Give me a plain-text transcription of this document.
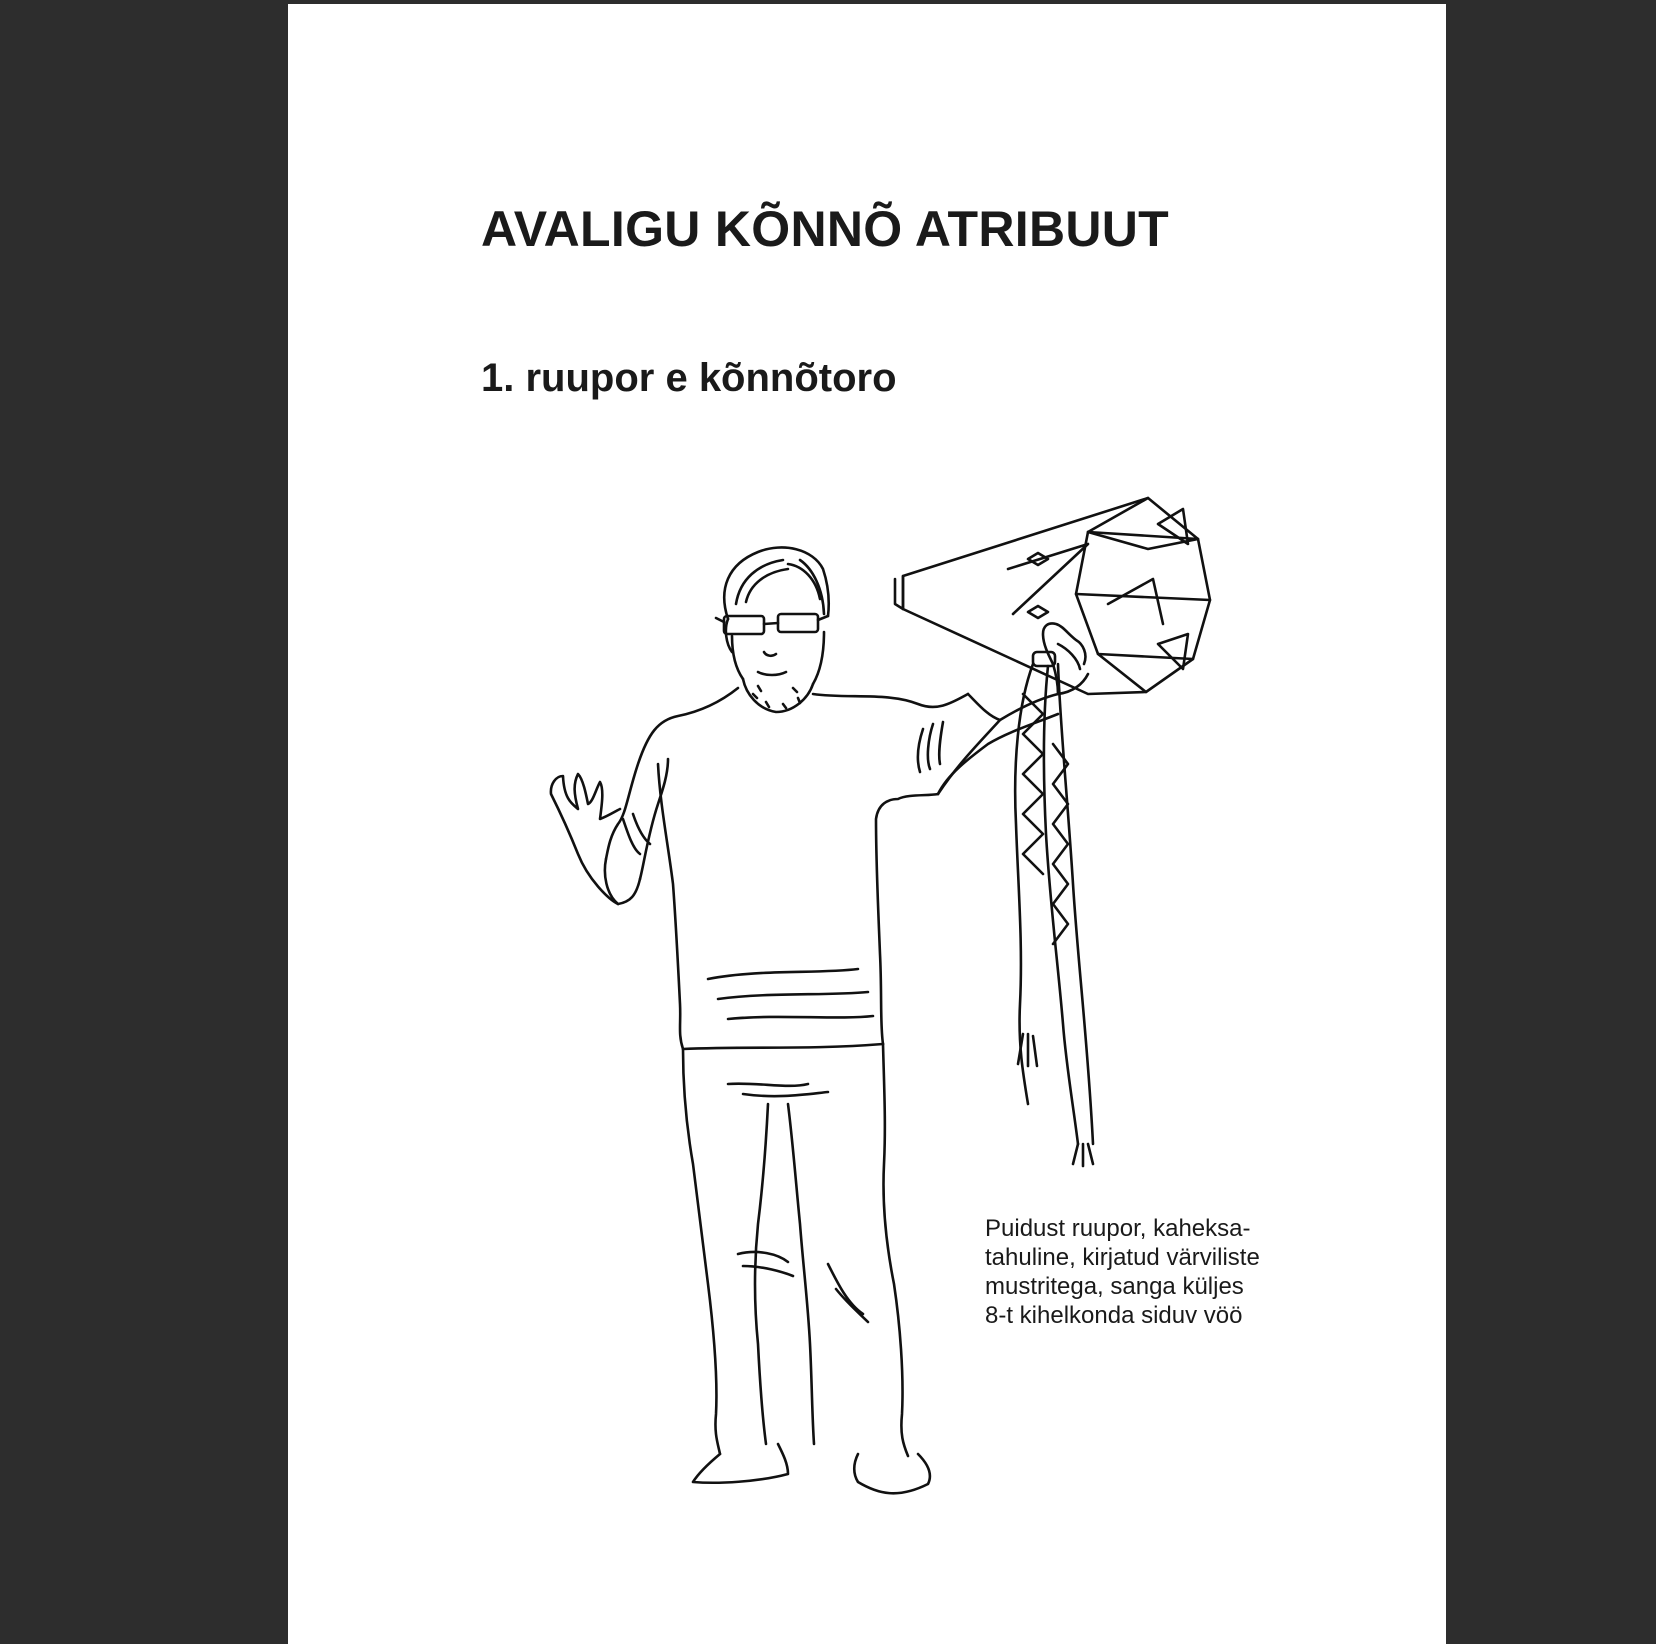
AVALIGU KÕNNÕ ATRIBUUT
1. ruupor e kõnnõtoro
Puidust ruupor, kaheksa-
tahuline, kirjatud värviliste
mustritega, sanga küljes
8-t kihelkonda siduv vöö
